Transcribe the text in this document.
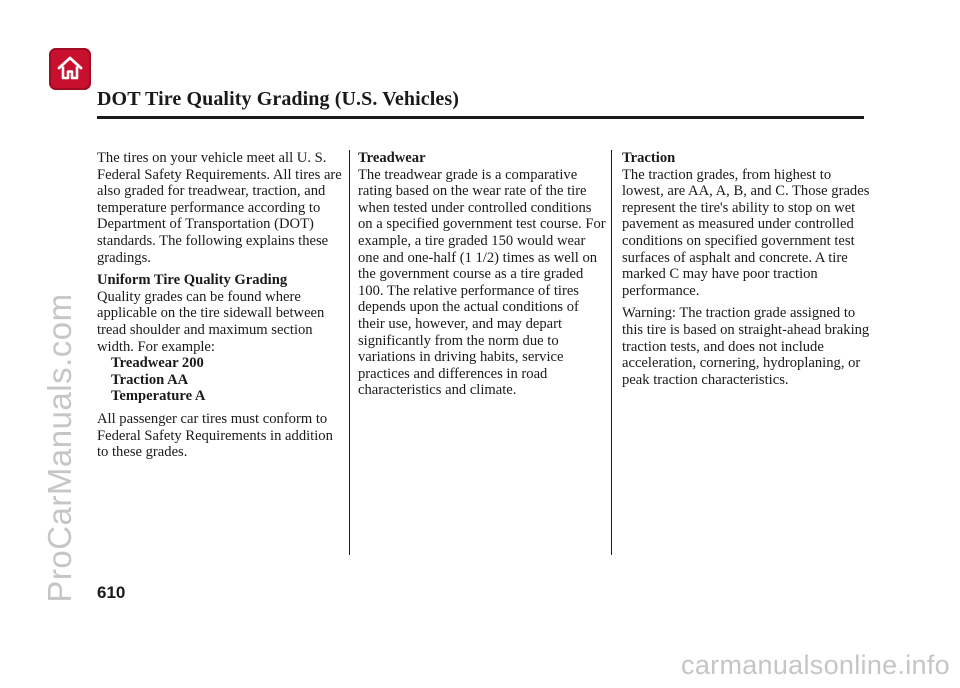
DOT Tire Quality Grading (U.S. Vehicles)

The tires on your vehicle meet all U. S. Federal Safety Requirements. All tires are also graded for treadwear, traction, and temperature performance according to Department of Transportation (DOT) standards. The following explains these gradings.

Uniform Tire Quality Grading
Quality grades can be found where applicable on the tire sidewall between tread shoulder and maximum section width. For example:
Treadwear 200
Traction AA
Temperature A

All passenger car tires must conform to Federal Safety Requirements in addition to these grades.

Treadwear
The treadwear grade is a comparative rating based on the wear rate of the tire when tested under controlled conditions on a specified government test course. For example, a tire graded 150 would wear one and one-half (1 1/2) times as well on the government course as a tire graded 100. The relative performance of tires depends upon the actual conditions of their use, however, and may depart significantly from the norm due to variations in driving habits, service practices and differences in road characteristics and climate.

Traction
The traction grades, from highest to lowest, are AA, A, B, and C. Those grades represent the tire's ability to stop on wet pavement as measured under controlled conditions on specified government test surfaces of asphalt and concrete. A tire marked C may have poor traction performance.

Warning: The traction grade assigned to this tire is based on straight-ahead braking traction tests, and does not include acceleration, cornering, hydroplaning, or peak traction characteristics.

610
ProCarManuals.com
carmanualsonline.info
